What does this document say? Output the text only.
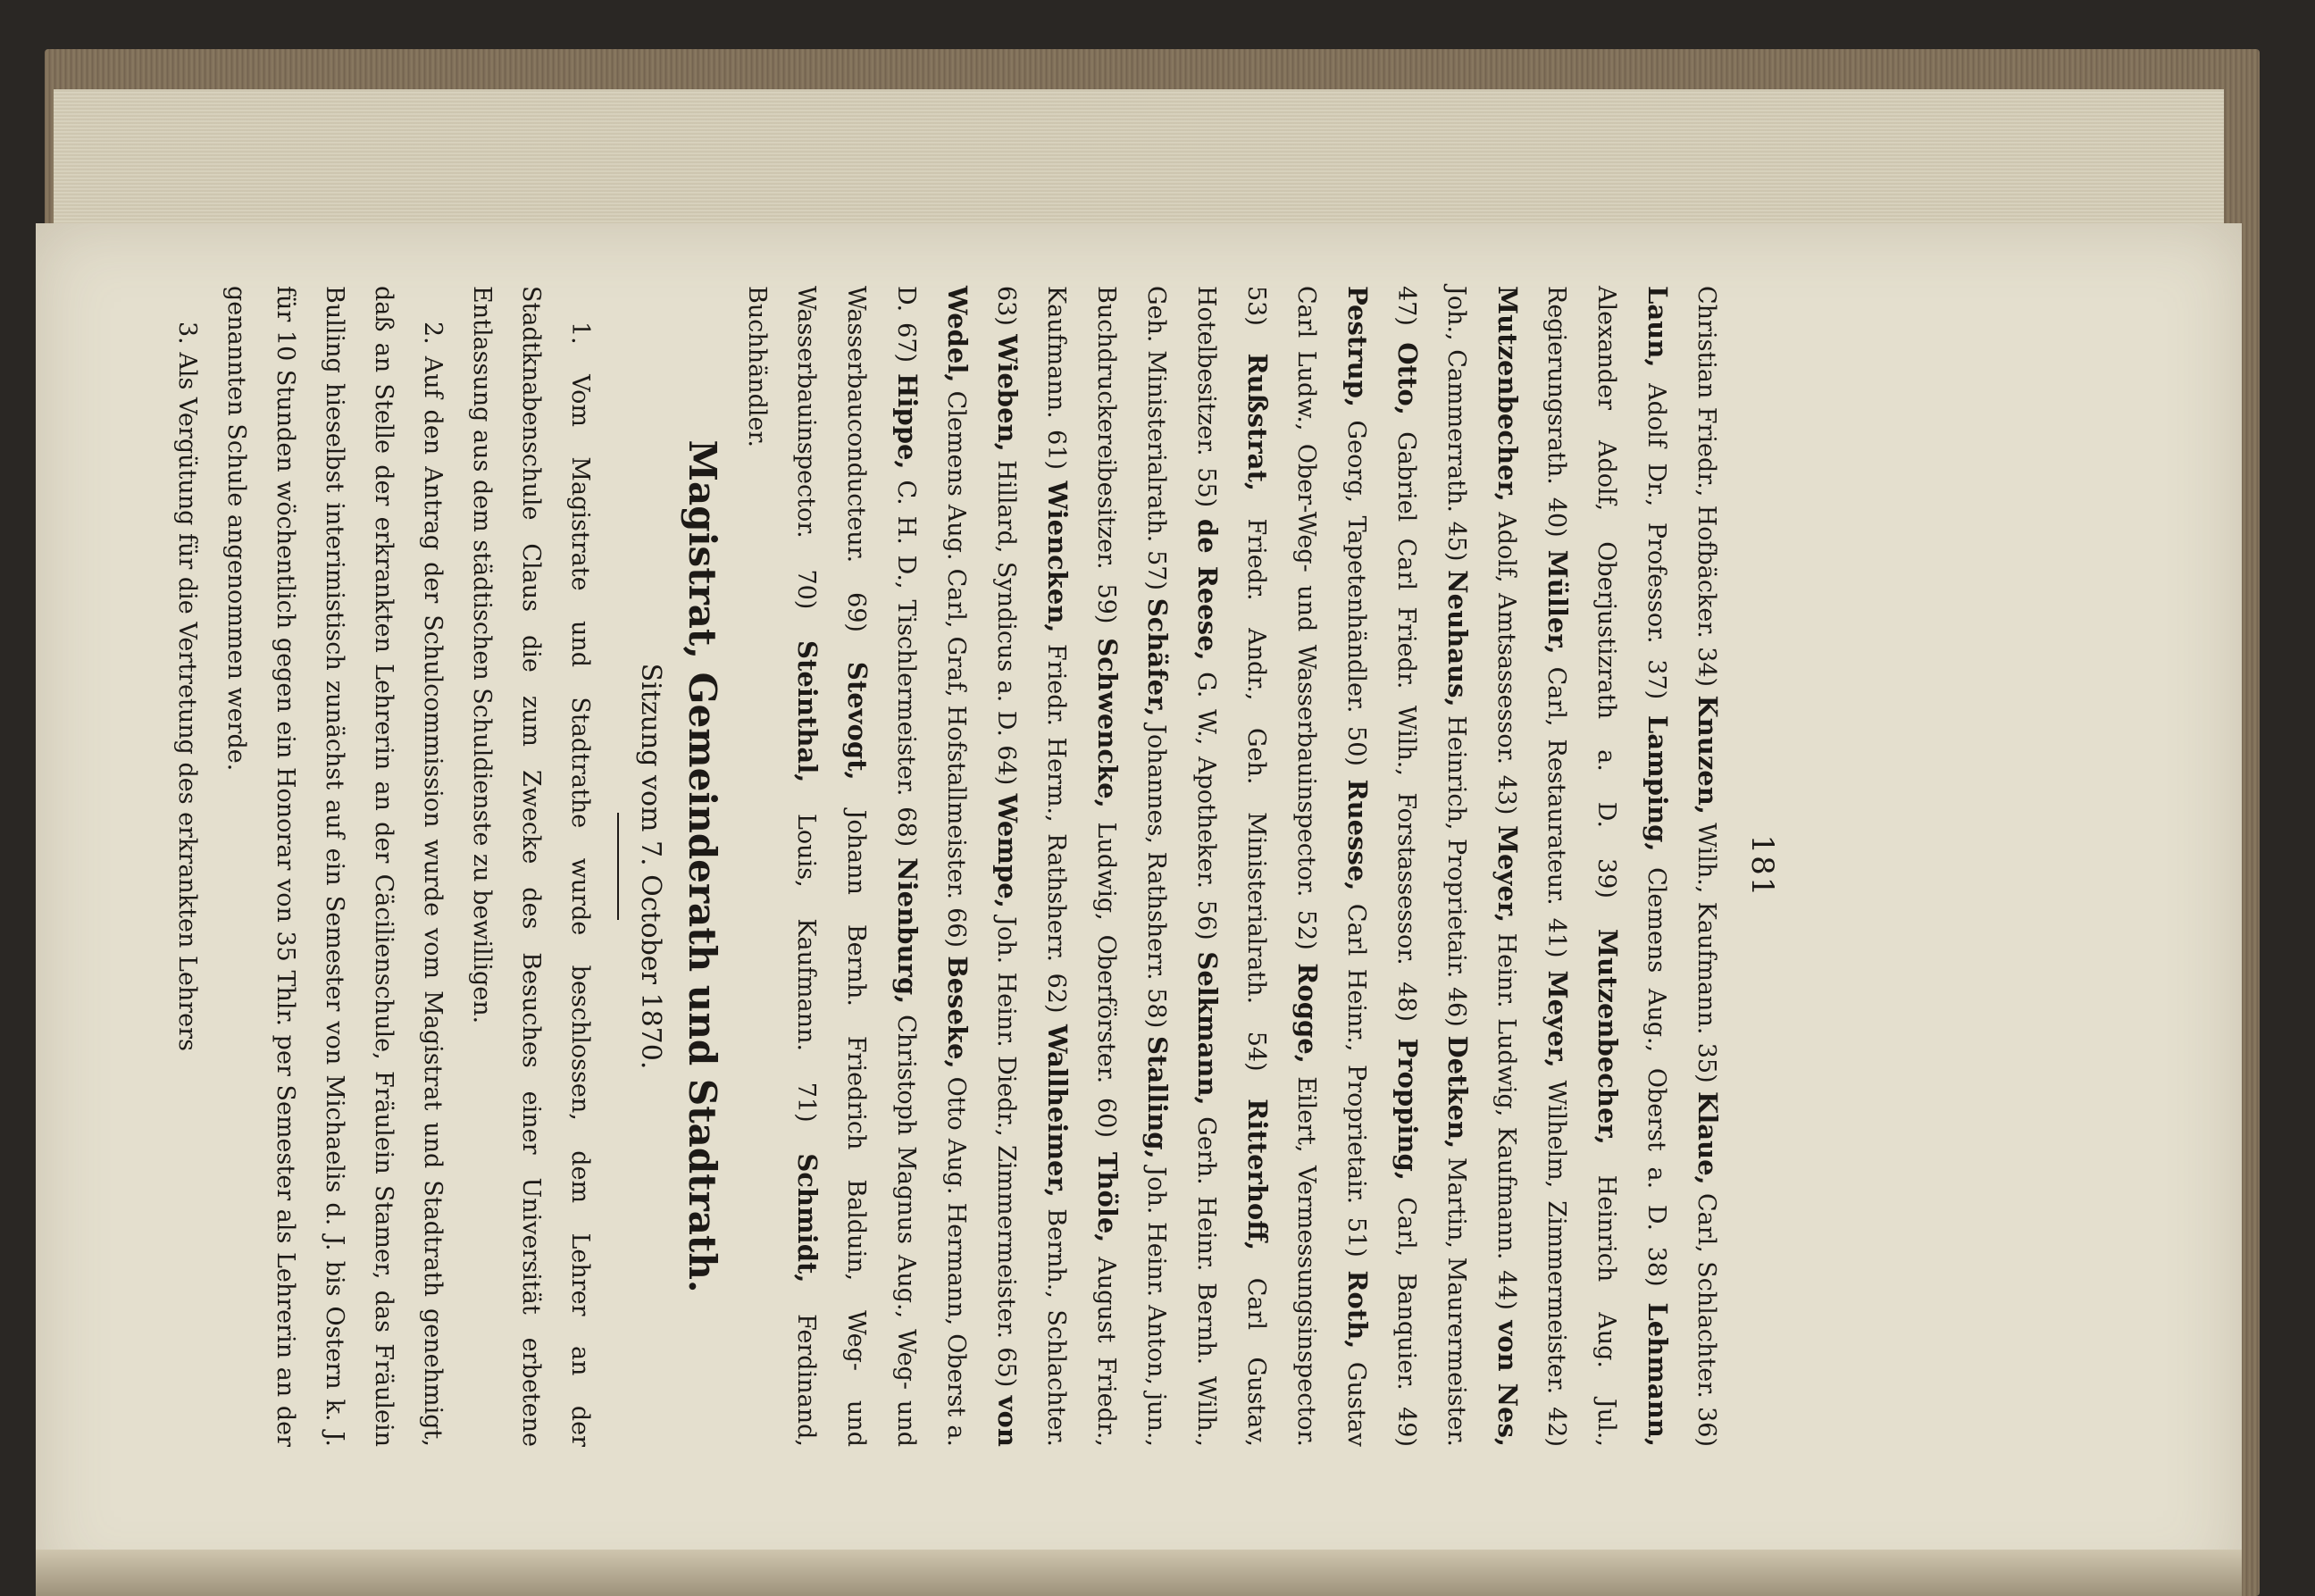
181

Christian Friedr., Hofbäcker. 34) Knuzen, Wilh., Kaufmann. 35) Klaue, Carl, Schlachter. 36) Laun, Adolf Dr., Professor. 37) Lamping, Clemens Aug., Oberst a. D. 38) Lehmann, Alexander Adolf, Oberjustizrath a. D. 39) Mutzenbecher, Heinrich Aug. Jul., Regierungsrath. 40) Müller, Carl, Restaurateur. 41) Meyer, Wilhelm, Zimmermeister. 42) Mutzenbecher, Adolf, Amtsassessor. 43) Meyer, Heinr. Ludwig, Kaufmann. 44) von Nes, Joh., Cammerrath. 45) Neuhaus, Heinrich, Proprietair. 46) Detken, Martin, Maurermeister. 47) Otto, Gabriel Carl Friedr. Wilh., Forstassessor. 48) Propping, Carl, Banquier. 49) Pestrup, Georg, Tapetenhändler. 50) Ruesse, Carl Heinr., Proprietair. 51) Roth, Gustav Carl Ludw., Ober-Weg- und Wasserbauinspector. 52) Rogge, Eilert, Vermessungsinspector. 53) Rußstrat, Friedr. Andr., Geh. Ministerialrath. 54) Ritterhoff, Carl Gustav, Hotelbesitzer. 55) de Reese, G. W., Apotheker. 56) Selkmann, Gerh. Heinr. Bernh. Wilh., Geh. Ministerialrath. 57) Schäfer, Johannes, Rathsherr. 58) Stalling, Joh. Heinr. Anton, jun., Buchdruckereibesitzer. 59) Schwencke, Ludwig, Oberförster. 60) Thöle, August Friedr., Kaufmann. 61) Wiencken, Friedr. Herm., Rathsherr. 62) Wallheimer, Bernh., Schlachter. 63) Wieben, Hillard, Syndicus a. D. 64) Wempe, Joh. Heinr. Diedr., Zimmermeister. 65) von Wedel, Clemens Aug. Carl, Graf, Hofstallmeister. 66) Beseke, Otto Aug. Hermann, Oberst a. D. 67) Hippe, C. H. D., Tischlermeister. 68) Nienburg, Christoph Magnus Aug., Weg- und Wasserbauconducteur. 69) Stevogt, Johann Bernh. Friedrich Balduin, Weg- und Wasserbauinspector. 70) Steinthal, Louis, Kaufmann. 71) Schmidt, Ferdinand, Buchhändler.

Magistrat, Gemeinderath und Stadtrath.
Sitzung vom 7. October 1870.

1. Vom Magistrate und Stadtrathe wurde beschlossen, dem Lehrer an der Stadtknabenschule Claus die zum Zwecke des Besuches einer Universität erbetene Entlassung aus dem städtischen Schuldienste zu bewilligen.

2. Auf den Antrag der Schulcommission wurde vom Magistrat und Stadtrath genehmigt, daß an Stelle der erkrankten Lehrerin an der Cäcilienschule, Fräulein Stamer, das Fräulein Bulling hieselbst interimistisch zunächst auf ein Semester von Michaelis d. J. bis Ostern k. J. für 10 Stunden wöchentlich gegen ein Honorar von 35 Thlr. per Semester als Lehrerin an der genannten Schule angenommen werde.

3. Als Vergütung für die Vertretung des erkrankten Lehrers
